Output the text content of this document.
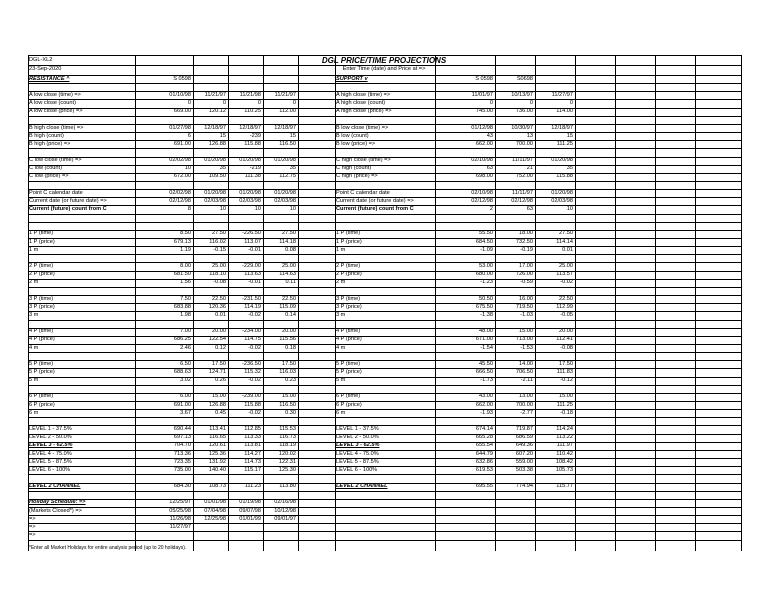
DGL-XL2
23-Sep-2020
DGL PRICE/TIME PROJECTIONS
Enter Time (date) and Price at =>
RESISTANCE ^	S 0598	SUPPORT v	S 0598	S0698
A low close (time) =>	01/10/98	11/21/97	11/21/98	11/21/97	A high close (time) =>	11/01/97	10/13/97	11/27/97
A low close (count)	0	0	0	0	A high close (count)	0	0	0
A low close (price) =>	669.00	120.12	110.25	112.00	A high close (price) =>	745.00	736.00	114.00
B high close (time) =>	01/27/98	12/18/97	12/18/97	12/18/97	B low close (time) =>	01/12/98	10/30/97	12/18/97
B high (count)	6	15	-239	15	B low (count)	43	13	15
B high (price) =>	691.00	126.88	115.88	116.50	B low (price) =>	662.00	700.00	111.25
C low close (time) =>	02/02/98	01/20/98	01/20/98	01/20/98	C high close (time) =>	02/10/98	11/11/97	01/20/98
C low (count)	10	35	-219	35	C high (count)	63	21	35
C low (price) =>	672.00	109.50	111.38	112.75	C high (price) =>	698.00	752.00	115.88
Point C calendar date	02/02/98	01/20/98	01/20/98	01/20/98	Point C calendar date	02/10/98	11/11/97	01/20/98
Current date (or future date) =>	02/12/98	02/03/98	02/03/98	02/03/98	Current date (or future date) =>	02/12/98	02/12/98	02/03/98
Current (future) count from C	8	10	10	10	Current (future) count from C	2	63	10
1 P (time)	8.50	27.50	-226.50	27.50	1 P (time)	55.50	18.00	27.50
1 P (price)	679.13	116.02	113.07	114.18	1 P (price)	684.50	732.50	114.14
1 m	1.19	-0.15	-0.01	0.08	1 m	-1.09	-0.19	0.01
2 P (time)	8.00	25.00	-229.00	25.00	2 P (time)	53.00	17.00	25.00
2 P (price)	681.50	118.10	113.63	114.63	2 P (price)	680.00	726.00	113.57
2 m	1.56	-0.08	-0.01	0.11	2 m	-1.23	-0.59	-0.02
3 P (time)	7.50	22.50	-231.50	22.50	3 P (time)	50.50	16.00	22.50
3 P (price)	683.88	120.36	114.19	115.09	3 P (price)	675.50	719.50	112.99
3 m	1.98	0.01	-0.02	0.14	3 m	-1.38	-1.03	-0.05
4 P (time)	7.00	20.00	-234.00	20.00	4 P (time)	48.00	15.00	20.00
4 P (price)	686.25	122.54	114.75	115.56	4 P (price)	671.00	713.00	112.41
4 m	2.46	0.12	-0.02	0.18	4 m	-1.54	-1.53	-0.08
5 P (time)	6.50	17.50	-236.50	17.50	5 P (time)	45.50	14.00	17.50
5 P (price)	688.63	124.71	115.32	116.03	5 P (price)	666.50	706.50	111.83
5 m	3.02	0.26	-0.02	0.23	5 m	-1.73	-2.11	-0.12
6 P (time)	6.00	15.00	-239.00	15.00	6 P (time)	43.00	13.00	15.00
6 P (price)	691.00	126.88	115.88	116.50	6 P (price)	662.00	700.00	111.25
6 m	3.67	0.45	-0.02	0.30	6 m	-1.93	-2.77	-0.18
LEVEL 1 - 37.5%	690.44	113.41	112.85	115.53	LEVEL 1 - 37.5%	674.14	719.87	114.24
LEVEL 2 - 50.0%	697.13	116.65	113.33	116.73	LEVEL 2 - 50.0%	665.28	686.59	113.22
LEVEL 3 - 62.5%	704.70	120.61	113.81	118.19	LEVEL 3 - 62.5%	655.54	649.36	111.97
LEVEL 4 - 75.0%	713.36	125.36	114.27	120.02	LEVEL 4 - 75.0%	644.79	607.20	110.42
LEVEL 5 - 87.5%	723.35	131.92	114.73	122.31	LEVEL 5 - 87.5%	632.86	559.00	108.42
LEVEL 6 - 100%	735.00	140.40	115.17	125.30	LEVEL 6 - 100%	619.53	503.38	105.73
LEVEL 2 CHANNEL	684.30	108.73	111.23	113.80	LEVEL 2 CHANNEL	695.55	774.94	115.77
Holiday Schedule: =>	12/25/97	01/01/98	01/19/98	02/16/98
(Markets Closed*) =>	05/25/98	07/04/98	09/07/98	10/12/98
=>	11/26/98	12/25/98	01/01/99	09/01/97
=>	11/27/97
=>
*Enter all Market Holidays for entire analysis period (up to 20 holidays).
